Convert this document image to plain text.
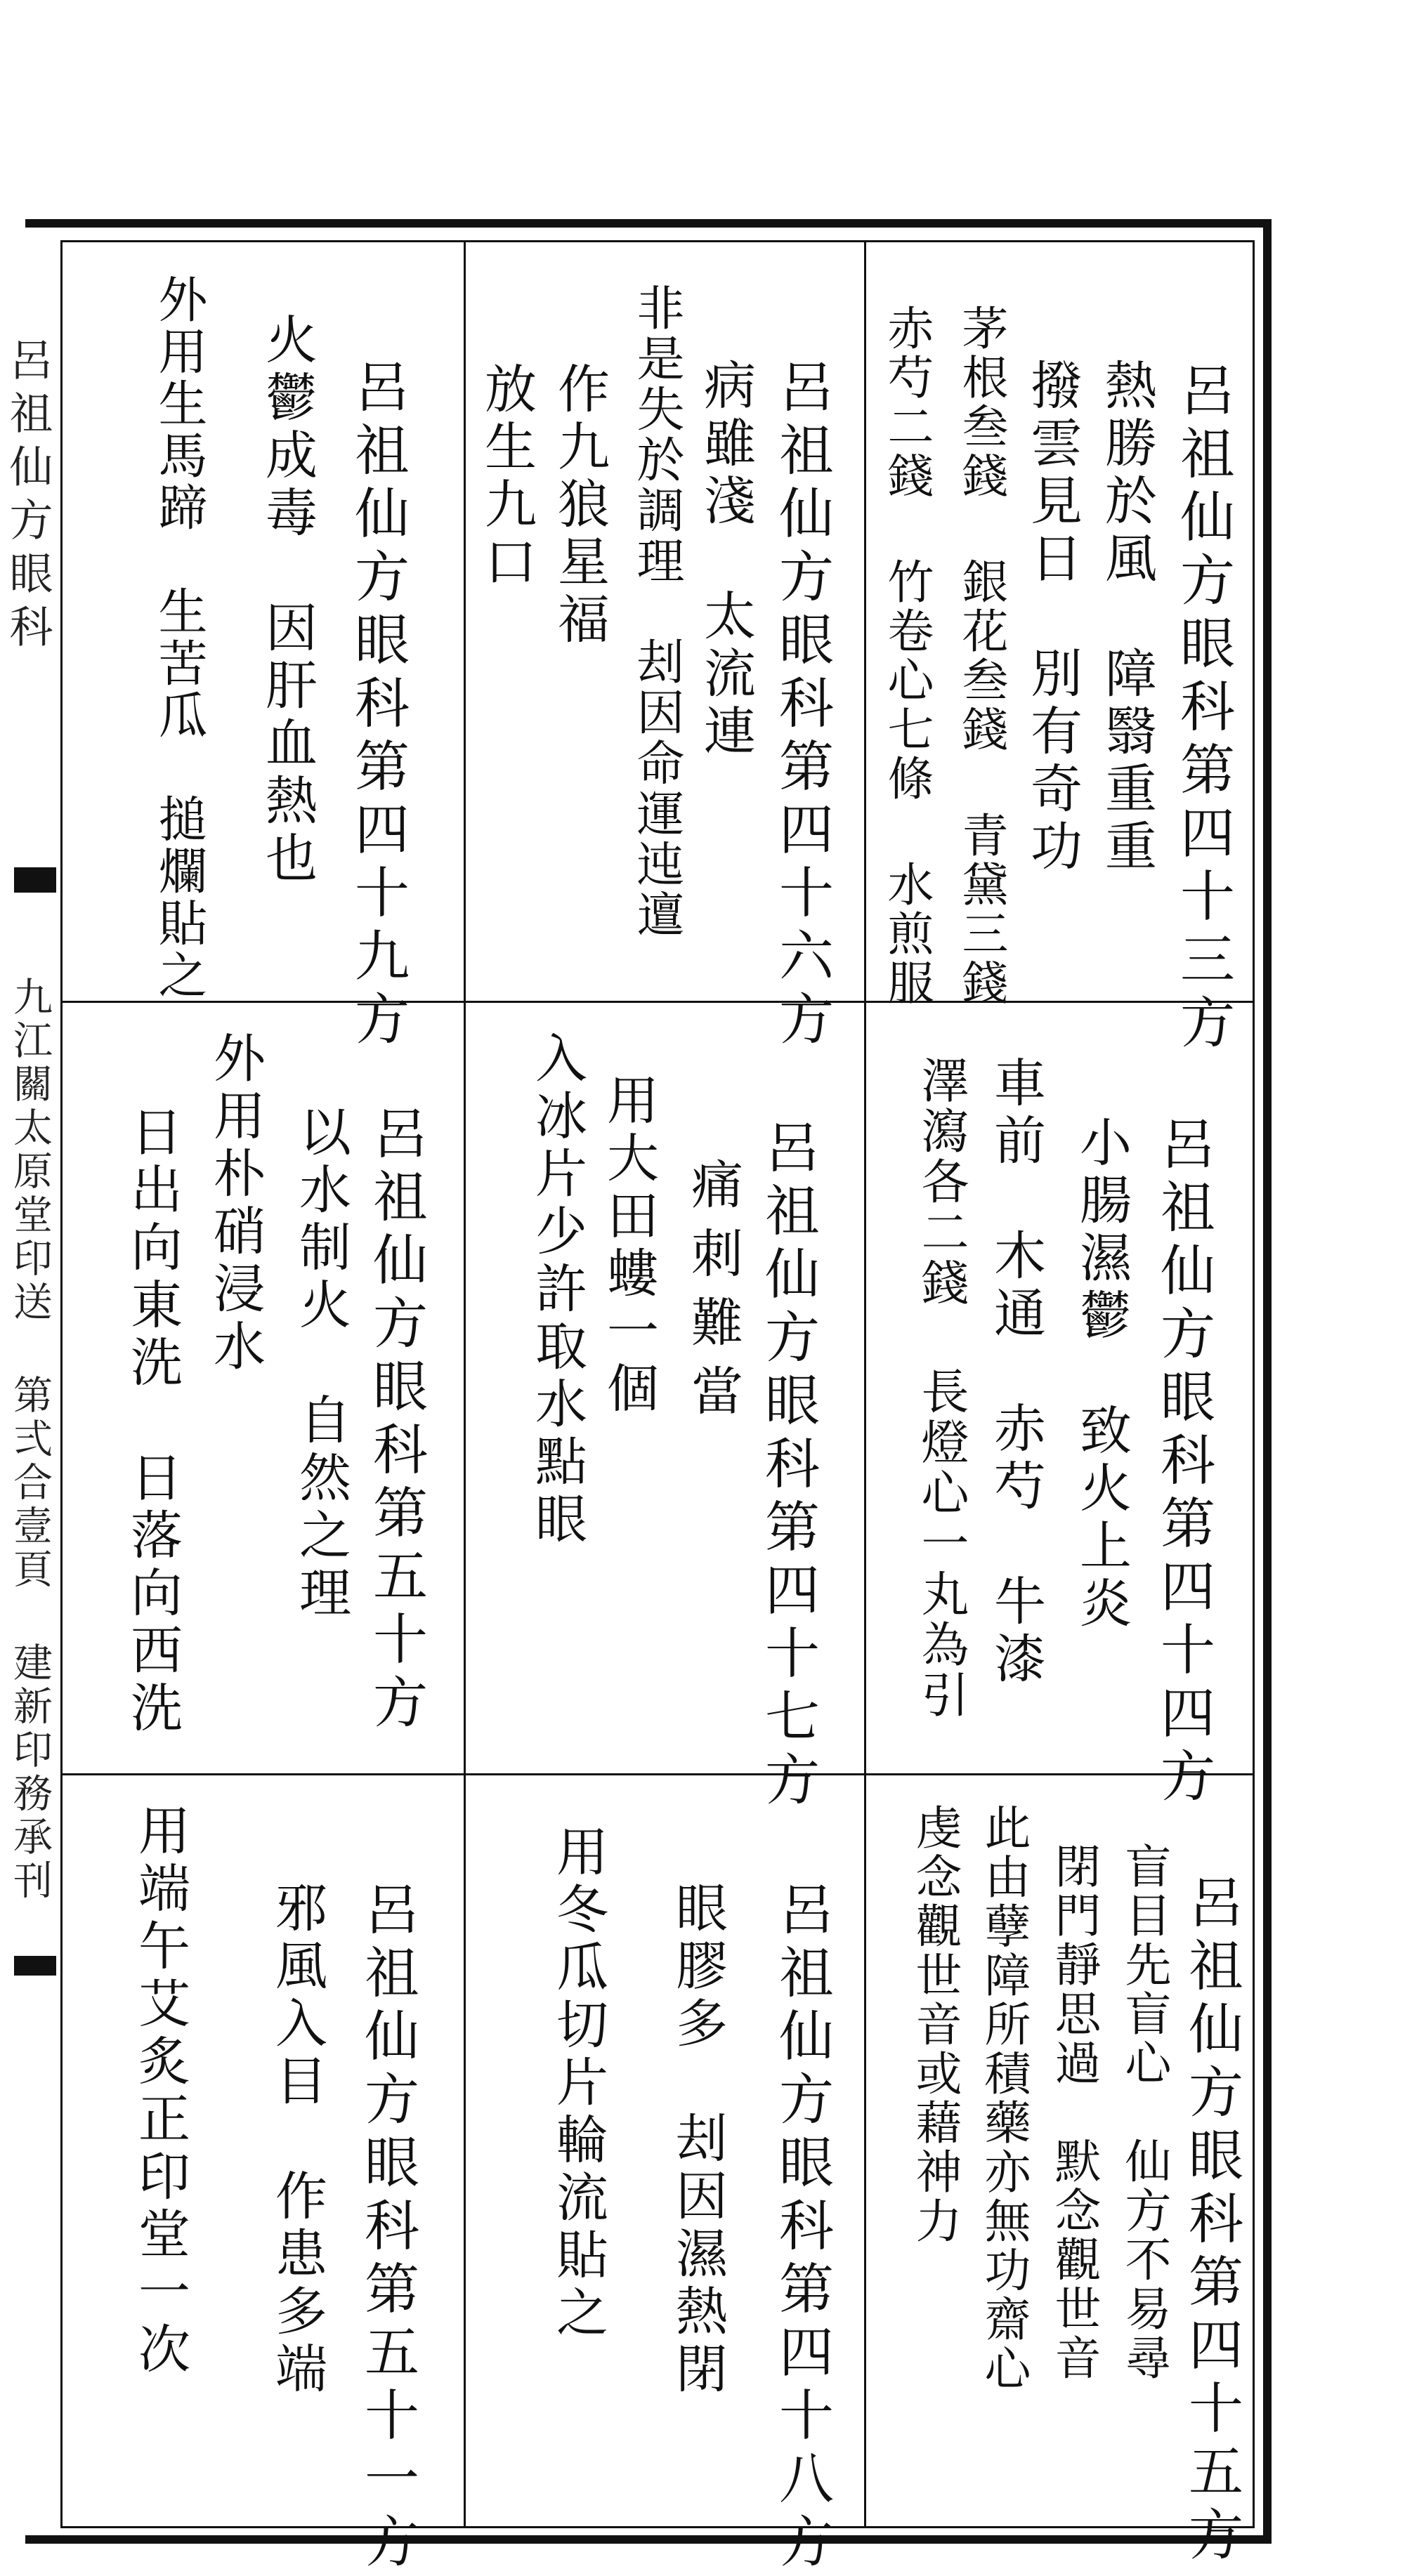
呂祖仙方眼科
九江關太原堂印送 第弍合壹頁 建新印務承刊
呂祖仙方眼科第四十三方
熱勝於風　障翳重重
撥雲見日　別有奇功
茅根叁錢 銀花叁錢 青黛三錢
赤芍二錢 竹卷心七條 水煎服
呂祖仙方眼科第四十六方
病雖淺　太流連
非是失於調理　刦因命運迍邅
作九狼星福
放生九口
呂祖仙方眼科第四十九方
火鬱成毒　因肝血熱也
外用生馬蹄　生苦瓜　搥爛貼之
呂祖仙方眼科第四十四方
小腸濕鬱　致火上炎
車前　木通　赤芍　牛漆
澤瀉各二錢 長燈心一丸為引
呂祖仙方眼科第四十七方
痛刺難當
用大田螻一個
入冰片少許取水點眼
呂祖仙方眼科第五十方
以水制火　自然之理
外用朴硝浸水
日出向東洗　日落向西洗
呂祖仙方眼科第四十五方
盲目先盲心　仙方不易尋
閉門靜思過　默念觀世音
此由孽障所積藥亦無功齋心
虔念觀世音或藉神力
呂祖仙方眼科第四十八方
眼膠多　刦因濕熱閉
用冬瓜切片輪流貼之
呂祖仙方眼科第五十一方
邪風入目　作患多端
用端午艾炙正印堂一次
